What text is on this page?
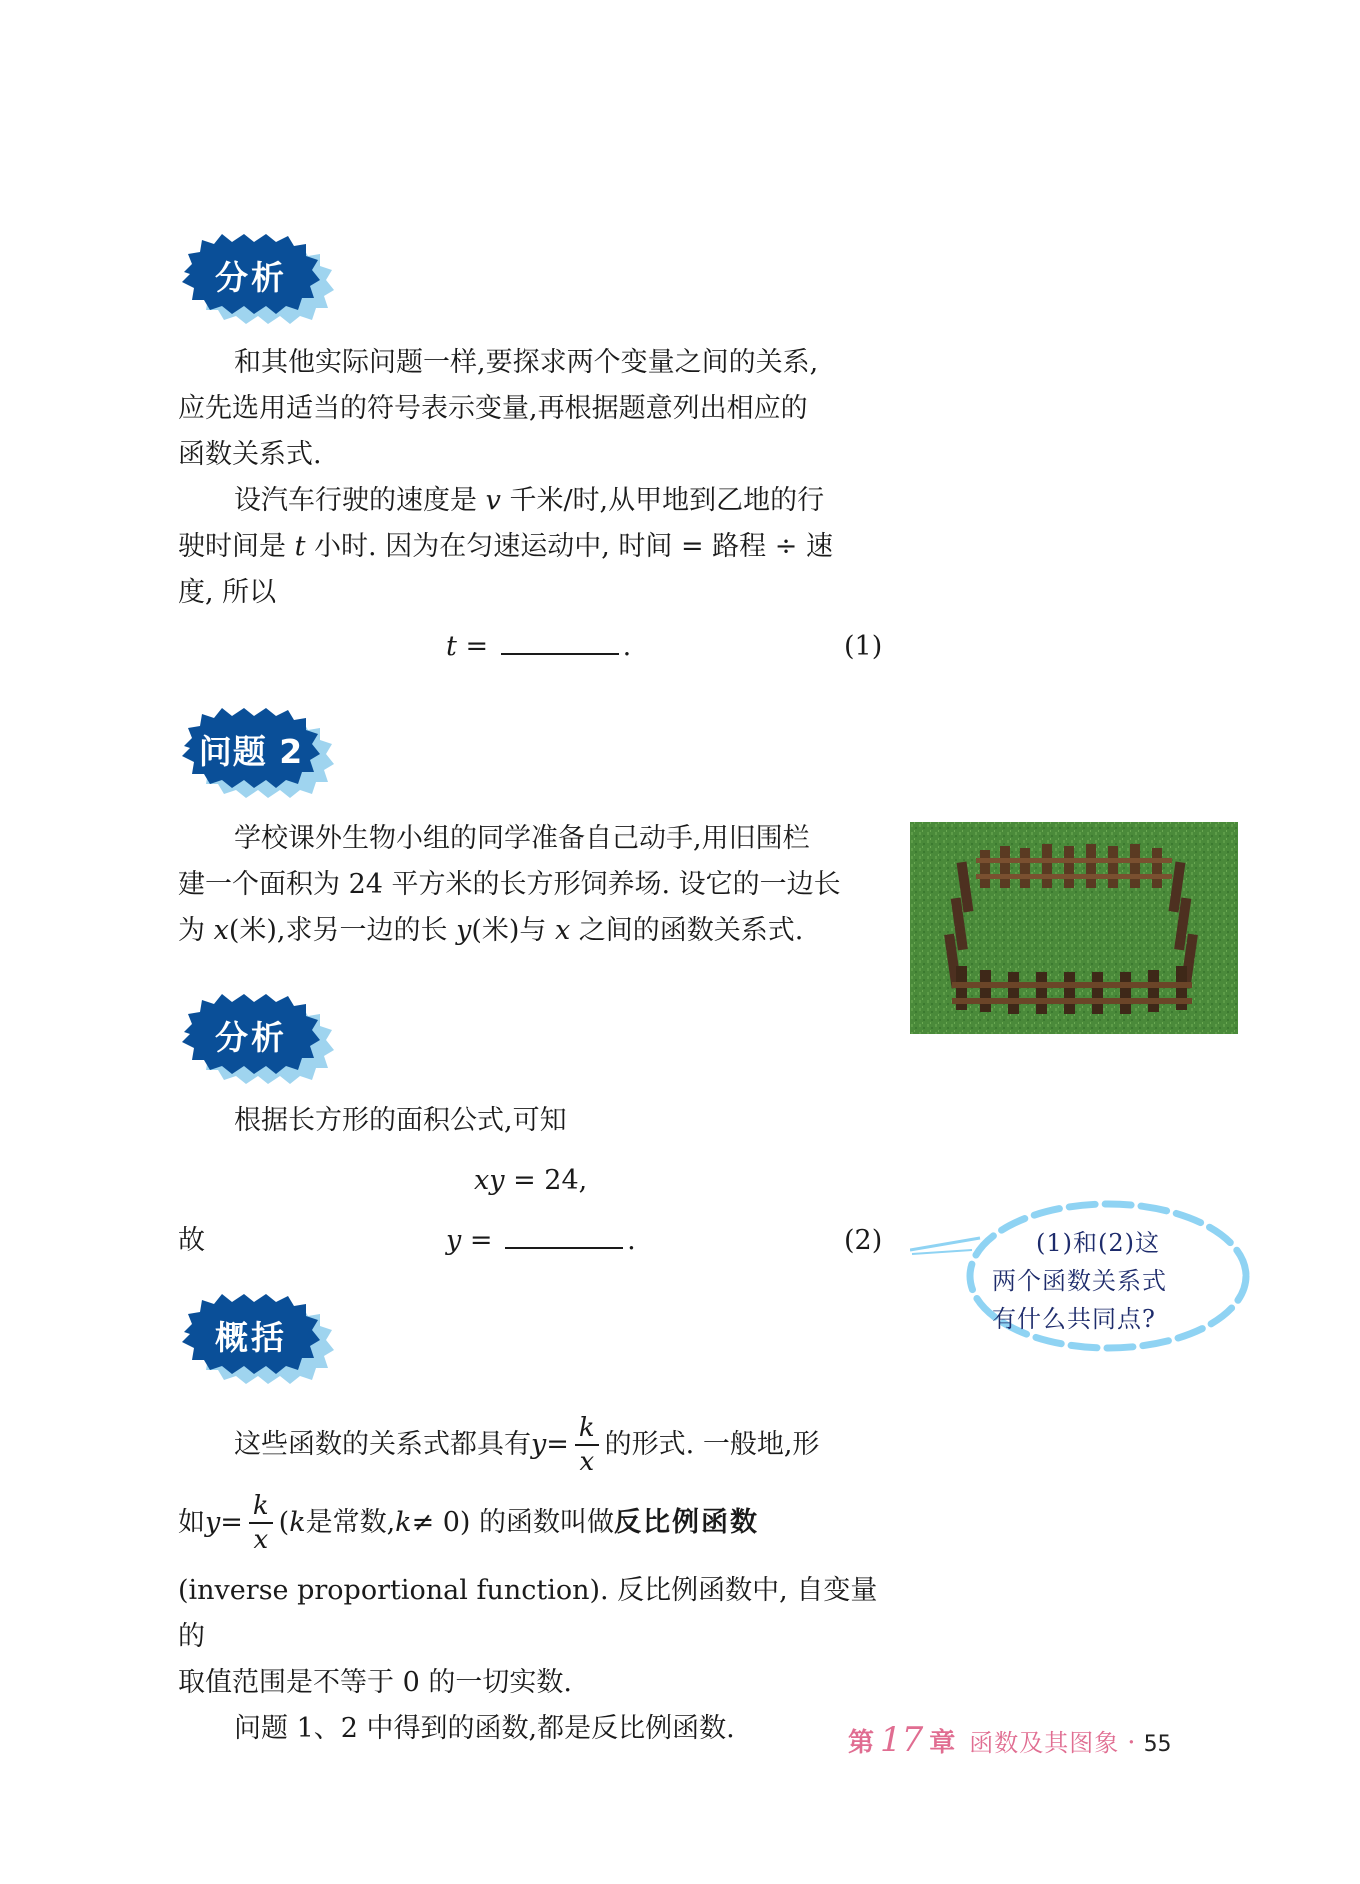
分析
和其他实际问题一样,要探求两个变量之间的关系,
应先选用适当的符号表示变量,再根据题意列出相应的
函数关系式.
设汽车行驶的速度是 v 千米/时,从甲地到乙地的行
驶时间是 t 小时. 因为在匀速运动中, 时间 = 路程 ÷ 速
度, 所以
t =	.	(1)
问题 2
学校课外生物小组的同学准备自己动手,用旧围栏
建一个面积为 24 平方米的长方形饲养场. 设它的一边长
为 x(米),求另一边的长 y(米)与 x 之间的函数关系式.
分析
根据长方形的面积公式,可知
xy = 24,
故	y =	.	(2)	(1)和(2)这
两个函数关系式
有什么共同点?
概括
这些函数的关系式都具有 $y = \frac{k}{x}$ 的形式. 一般地,形
如 $y = \frac{k}{x}$ ( k 是常数, k ≠ 0) 的函数叫做 反比例函数
(inverse proportional function). 反比例函数中, 自变量的
取值范围是不等于 0 的一切实数.
问题 1、2 中得到的函数,都是反比例函数.	第 17 章 函数及其图象 · 55
